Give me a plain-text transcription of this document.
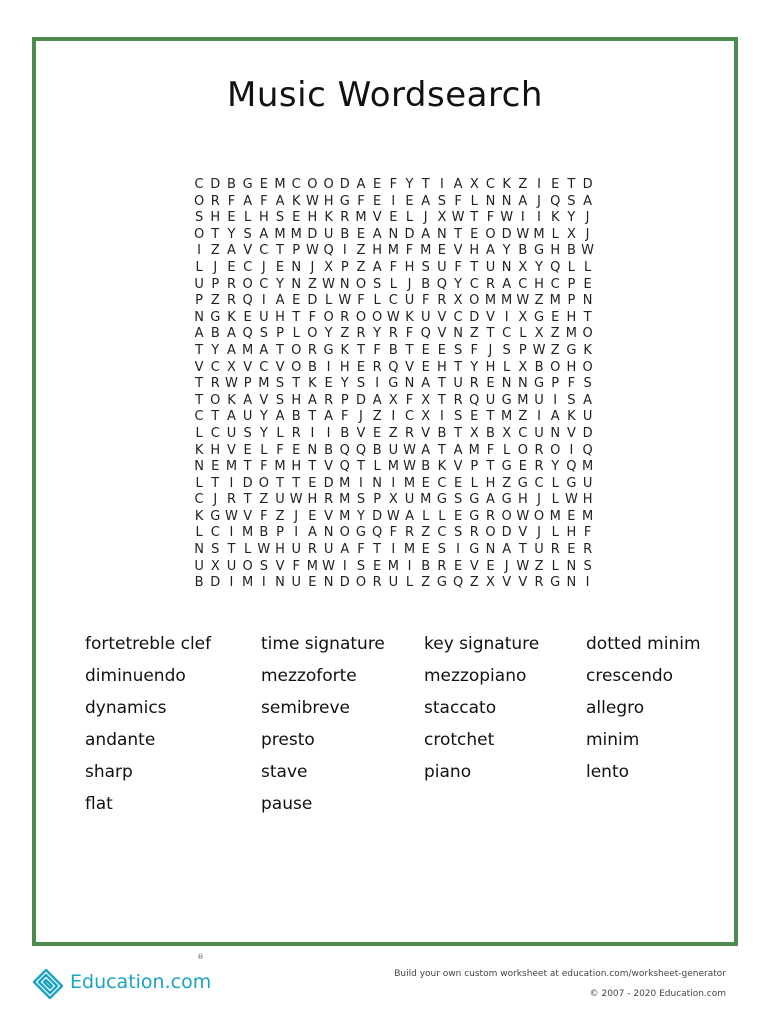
Music Wordsearch
C D B G E M C O O D A E F Y T I A X C K Z I E T D
O R F A F A K W H G F E I E A S F L N N A J Q S A
S H E L H S E H K R M V E L J X W T F W I I K Y J
O T Y S A M M D U B E A N D A N T E O D W M L X J
I Z A V C T P W Q I Z H M F M E V H A Y B G H B W
L J E C J E N J X P Z A F H S U F T U N X Y Q L L
U P R O C Y N Z W N O S L J B Q Y C R A C H C P E
P Z R Q I A E D L W F L C U F R X O M M W Z M P N
N G K E U H T F O R O O W K U V C D V I X G E H T
A B A Q S P L O Y Z R Y R F Q V N Z T C L X Z M O
T Y A M A T O R G K T F B T E E S F J S P W Z G K
V C X V C V O B I H E R Q V E H T Y H L X B O H O
T R W P M S T K E Y S I G N A T U R E N N G P F S
T O K A V S H A R P D A X F X T R Q U G M U I S A
C T A U Y A B T A F J Z I C X I S E T M Z I A K U
L C U S Y L R I I B V E Z R V B T X B X C U N V D
K H V E L F E N B Q Q B U W A T A M F L O R O I Q
N E M T F M H T V Q T L M W B K V P T G E R Y Q M
L T I D O T T E D M I N I M E C E L H Z G C L G U
C J R T Z U W H R M S P X U M G S G A G H J L W H
K G W V F Z J E V M Y D W A L L E G R O W O M E M
L C I M B P I A N O G Q F R Z C S R O D V J L H F
N S T L W H U R U A F T I M E S I G N A T U R E R
U X U O S V F M W I S E M I B R E V E J W Z L N S
B D I M I N U E N D O R U L Z G Q Z X V V R G N I
fortetreble clef	time signature	key signature	dotted minim
diminuendo	mezzoforte	mezzopiano	crescendo
dynamics	semibreve	staccato	allegro
andante	presto	crotchet	minim
sharp	stave	piano	lento
flat	pause
Education.com
®
Build your own custom worksheet at education.com/worksheet-generator
© 2007 - 2020 Education.com
